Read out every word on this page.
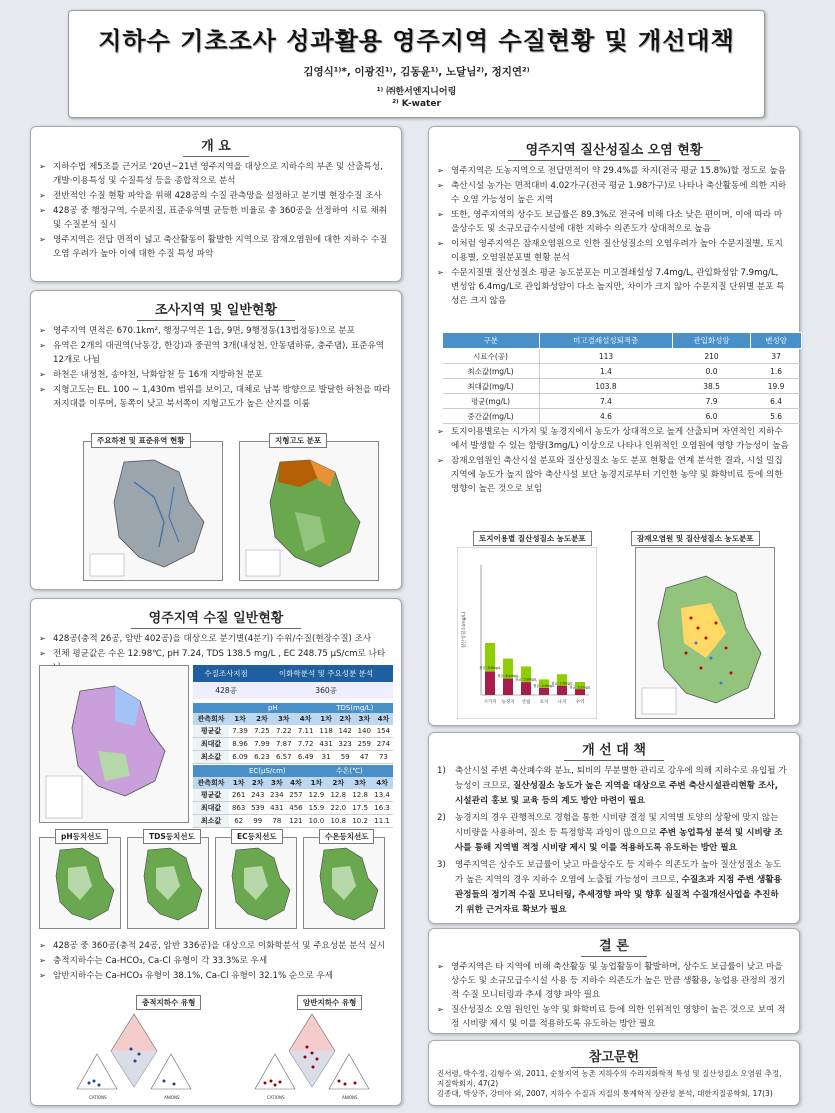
지하수 기초조사 성과활용 영주지역 수질현황 및 개선대책
김영식¹⁾*, 이광진¹⁾, 김동윤¹⁾, 노달님²⁾, 정지연²⁾
¹⁾ ㈜한서엔지니어링
²⁾ K-water
개 요
➢ 지하수법 제5조를 근거로 '20년~21년 영주지역을 대상으로 지하수의 부존 및 산출특성, 개발·이용특성 및 수질특성 등을 종합적으로 분석
➢ 전반적인 수질 현황 파악을 위해 428공의 수질 관측망을 설정하고 분기별 현장수질 조사
➢ 428공 중 행정구역, 수문지질, 표준유역별 균등한 비율로 총 360공을 선정하여 시료 채취 및 수질분석 실시
➢ 영주지역은 전답 면적이 넓고 축산활동이 활발한 지역으로 잠재오염원에 대한 지하수 수질오염 우려가 높아 이에 대한 수질 특성 파악
조사지역 및 일반현황
➢ 영주지역 면적은 670.1km², 행정구역은 1읍, 9면, 9행정동(13법정동)으로 분포
➢ 유역은 2개의 대권역(낙동강, 한강)과 중권역 3개(내성천, 안동댐하류, 충주댐), 표준유역 12개로 나뉨
➢ 하천은 내성천, 송야천, 낙화암천 등 16개 지방하천 분포
➢ 지형고도는 EL. 100 ~ 1,430m 범위를 보이고, 대체로 남북 방향으로 발달한 하천을 따라 저지대를 이루며, 동쪽이 낮고 북서쪽이 지형고도가 높은 산지를 이룸
주요하천 및 표준유역 현황	지형고도 분포
영주지역 수질 일반현황
➢ 428공(충적 26공, 암반 402공)을 대상으로 분기별(4분기) 수위/수질(현장수질) 조사
➢ 전체 평균값은 수온 12.98℃, pH 7.24, TDS 138.5 mg/L , EC 248.75 μS/cm로 나타
수질조사지점	이화학분석 및 주요성분 분석
428공	360공
	pH				TDS(mg/L)			
관측회차	1차	2차	3차	4차	1차	2차	3차	4차
평균값	7.39	7.25	7.22	7.11	118	142	140	154
최대값	8.96	7.99	7.87	7.72	431	323	259	274
최소값	6.09	6.23	6.57	6.49	31	59	47	73
	EC(μS/cm)				수온(℃)			
관측회차	1차	2차	3차	4차	1차	2차	3차	4차
평균값	261	243	234	257	12.9	12.8	12.8	13.4
최대값	863	539	431	456	15.9	22.0	17.5	16.3
최소값	62	99	78	121	10.0	10.8	10.2	11.1
pH등치선도	TDS등치선도	EC등치선도	수온등치선도
➢ 428공 중 360공(충적 24공, 암반 336공)을 대상으로 이화학분석 및 주요성분 분석 실시
➢ 충적지하수는 Ca-HCO₃, Ca-Cl 유형이 각 33.3%로 우세
➢ 암반지하수는 Ca-HCO₃ 유형이 38.1%, Ca-Cl 유형이 32.1% 순으로 우세
충적지하수 유형	암반지하수 유형
CATIONS	ANIONS	CATIONS	ANIONS
영주지역 질산성질소 오염 현황
➢ 영주지역은 도농지역으로 전답면적이 약 29.4%를 차지(전국 평균 15.8%)할 정도로 높음
➢ 축산시설 농가는 면적대비 4.02가구(전국 평균 1.98가구)로 나타나 축산활동에 의한 지하수 오염 가능성이 높은 지역
➢ 또한, 영주지역의 상수도 보급률은 89.3%로 전국에 비해 다소 낮은 편이며, 이에 따라 마을상수도 및 소규모급수시설에 대한 지하수 의존도가 상대적으로 높음
➢ 이처럼 영주지역은 잠재오염원으로 인한 질산성질소의 오염우려가 높아 수문지질별, 토지이용별, 오염원분포별 현황 분석
➢ 수문지질별 질산성질소 평균 농도분포는 미고결쇄설성 7.4mg/L, 관입화성암 7.9mg/L, 변성암 6.4mg/L로 관입화성암이 다소 높지만, 차이가 크지 않아 수문지질 단위별 분포 특성은 크지 않음
➢ 토지이용별로는 시가지 및 농경지에서 농도가 상대적으로 높게 산출되며 자연적인 지하수에서 발생할 수 있는 함량(3mg/L) 이상으로 나타나 인위적인 오염원에 영향 가능성이 높음
➢ 잠재오염원인 축산시설 분포와 질산성질소 농도 분포 현황을 연계 분석한 결과, 시설 밀집 지역에 농도가 높지 않아 축산시설 보단 농경지로부터 기인한 농약 및 화학비료 등에 의한 영향이 높은 것으로 보임
토지이용별 질산성질소 농도분포	잠재오염원 및 질산성질소 농도분포
질산성질소(mg/L)
시가지
평균: 9.8mg/L
농경지
평균: 8.1mg/L
산림
평균: 5.8mg/L
초지
평균: 4.9mg/L
나지
평균: 7.4mg/L
수역
평균: 3.7mg/L
구분	미고결쇄설성퇴적층	관입화성암	변성암
시료수(공)	113	210	37
최소값(mg/L)	1.4	0.0	1.6
최대값(mg/L)	103.8	38.5	19.9
평균(mg/L)	7.4	7.9	6.4
중간값(mg/L)	4.6	6.0	5.6
개 선 대 책
1) 축산시설 주변 축산폐수와 분뇨, 퇴비의 무분별한 관리로 강우에 의해 지하수로 유입될 가능성이 크므로, 질산성질소 농도가 높은 지역을 대상으로 주변 축산시설관리현황 조사, 시설관리 홍보 및 교육 등의 계도 방안 마련이 필요
2) 농경지의 경우 관행적으로 경험을 통한 시비량 결정 및 지역별 토양의 상황에 맞지 않는 시비량을 사용하여, 질소 등 특정항목 과잉이 많으므로 주변 농업특성 분석 및 시비량 조사를 통해 지역별 적정 시비량 제시 및 이를 적용하도록 유도하는 방안 필요
3) 영주지역은 상수도 보급률이 낮고 마을상수도 등 지하수 의존도가 높아 질산성질소 농도가 높은 지역의 경우 지하수 오염에 노출될 가능성이 크므로, 수질초과 지점 주변 생활용 관정들의 정기적 수질 모니터링, 추세경향 파악 및 향후 실질적 수질개선사업을 추진하기 위한 근거자료 확보가 필요
결 론
➢ 영주지역은 타 지역에 비해 축산활동 및 농업활동이 활발하며, 상수도 보급률이 낮고 마을상수도 및 소규모급수시설 사용 등 지하수 의존도가 높은 만큼 생활용, 농업용 관정의 정기적 수질 모니터링과 추세 경향 파악 필요
➢ 질산성질소 오염 원인인 농약 및 화학비료 등에 의한 인위적인 영향이 높은 것으로 보여 적정 시비량 제시 및 이를 적용하도록 유도하는 방안 필요
참고문헌
진서령, 박수정, 김형수 외, 2011, 순창지역 농촌 지하수의 수리지화학적 특성 및 질산성질소 오염원 추정, 지질학회지, 47(2)
김종대, 박상주, 강미아 외, 2007, 지하수 수질과 지질의 통계학적 상관성 분석, 대한지질공학회, 17(3)
